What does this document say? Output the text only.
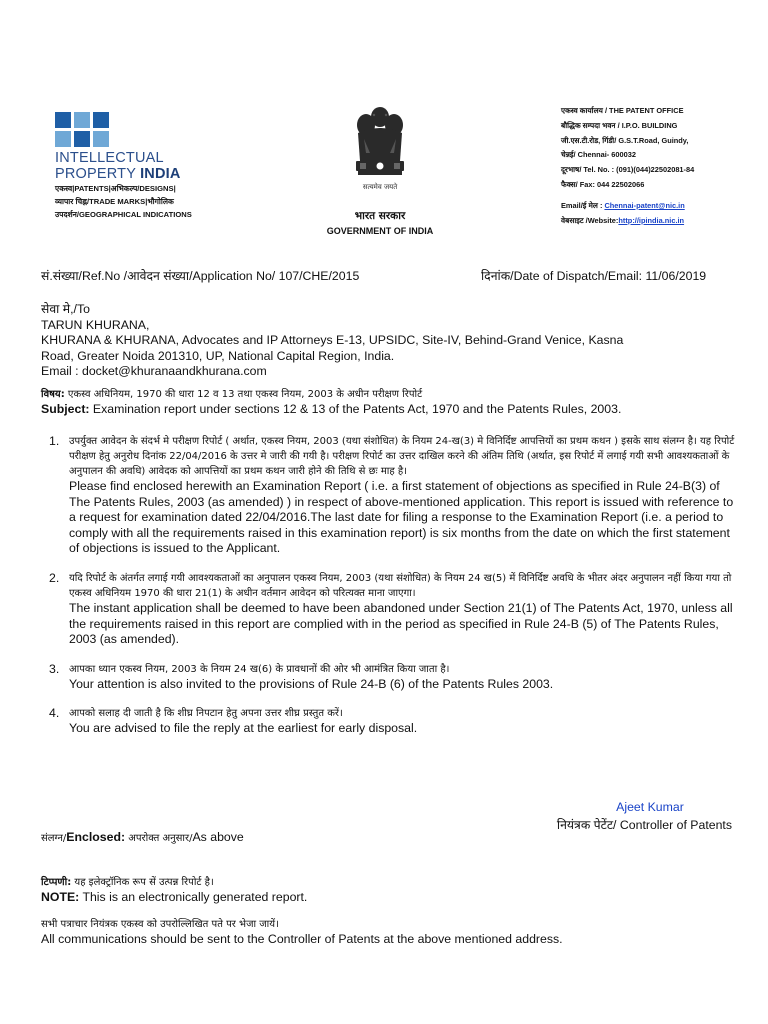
INTELLECTUAL
PROPERTY INDIA
एकस्व|PATENTS|अभिकल्प/DESIGNS|
व्यापार चिह्न/TRADE MARKS|भौगोलिक
उपदर्शन/GEOGRAPHICAL INDICATIONS
सत्यमेव जयते
भारत सरकार
GOVERNMENT OF INDIA
एकस्व कार्यालय / THE PATENT OFFICE
बौद्धिक सम्पदा भवन / I.P.O. BUILDING
जी.एस.टी.रोड, गिंडी/ G.S.T.Road, Guindy,
चेन्नई/ Chennai- 600032
दूरभाष/ Tel. No. : (091)(044)22502081-84
फैक्स/ Fax: 044 22502066
Email/ई मेल : Chennai-patent@nic.in
वेबसाइट /Website:http://ipindia.nic.in
सं.संख्या/Ref.No /आवेदन संख्या/Application No/ 107/CHE/2015	दिनांक/Date of Dispatch/Email: 11/06/2019
सेवा मे,/To
TARUN KHURANA,
KHURANA & KHURANA, Advocates and IP Attorneys E-13, UPSIDC, Site-IV, Behind-Grand Venice, Kasna
Road, Greater Noida 201310, UP, National Capital Region, India.
Email : docket@khuranaandkhurana.com
विषय: एकस्व अधिनियम, 1970 की धारा 12 व 13 तथा एकस्व नियम, 2003 के अधीन परीक्षण रिपोर्ट
Subject: Examination report under sections 12 & 13 of the Patents Act, 1970 and the Patents Rules, 2003.
1. उपर्युक्त आवेदन के संदर्भ मे परीक्षण रिपोर्ट ( अर्थात, एकस्व नियम, 2003 (यथा संशोधित) के नियम 24-ख(3) मे विनिर्दिष्ट आपत्तियों का प्रथम कथन ) इसके साथ संलग्न है। यह रिपोर्ट परीक्षण हेतु अनुरोध दिनांक 22/04/2016 के उत्तर मे जारी की गयी है। परीक्षण रिपोर्ट का उत्तर दाखिल करने की अंतिम तिथि (अर्थात, इस रिपोर्ट में लगाई गयी सभी आवश्यकताओं के अनुपालन की अवधि) आवेदक को आपत्तियों का प्रथम कथन जारी होने की तिथि से छः माह है।
Please find enclosed herewith an Examination Report ( i.e. a first statement of objections as specified in Rule 24-B(3) of The Patents Rules, 2003 (as amended) ) in respect of above-mentioned application. This report is issued with reference to a request for examination dated 22/04/2016.The last date for filing a response to the Examination Report (i.e. a period to comply with all the requirements raised in this examination report) is six months from the date on which the first statement of objections is issued to the Applicant.
2. यदि रिपोर्ट के अंतर्गत लगाई गयी आवश्यकताओं का अनुपालन एकस्व नियम, 2003 (यथा संशोधित) के नियम 24 ख(5) में विनिर्दिष्ट अवधि के भीतर अंदर अनुपालन नहीं किया गया तो एकस्व अधिनियम 1970 की धारा 21(1) के अधीन वर्तमान आवेदन को परित्यक्त माना जाएगा।
The instant application shall be deemed to have been abandoned under Section 21(1) of The Patents Act, 1970, unless all the requirements raised in this report are complied with in the period as specified in Rule 24-B (5) of The Patents Rules, 2003 (as amended).
3. आपका ध्यान एकस्व नियम, 2003 के नियम 24 ख(6) के प्रावधानों की ओर भी आमंत्रित किया जाता है।
Your attention is also invited to the provisions of Rule 24-B (6) of the Patents Rules 2003.
4. आपको सलाह दी जाती है कि शीघ्र निपटान हेतु अपना उत्तर शीघ्र प्रस्तुत करें।
You are advised to file the reply at the earliest for early disposal.
Ajeet Kumar
नियंत्रक पेटेंट/ Controller of Patents
संलग्न/Enclosed: अपरोक्त अनुसार/As above
टिप्पणी: यह इलेक्ट्रॉनिक रूप सें उत्पन्न रिपोर्ट है।
NOTE: This is an electronically generated report.
सभी पत्राचार नियंत्रक एकस्व को उपरोल्लिखित पते पर भेजा जायें।
All communications should be sent to the Controller of Patents at the above mentioned address.
